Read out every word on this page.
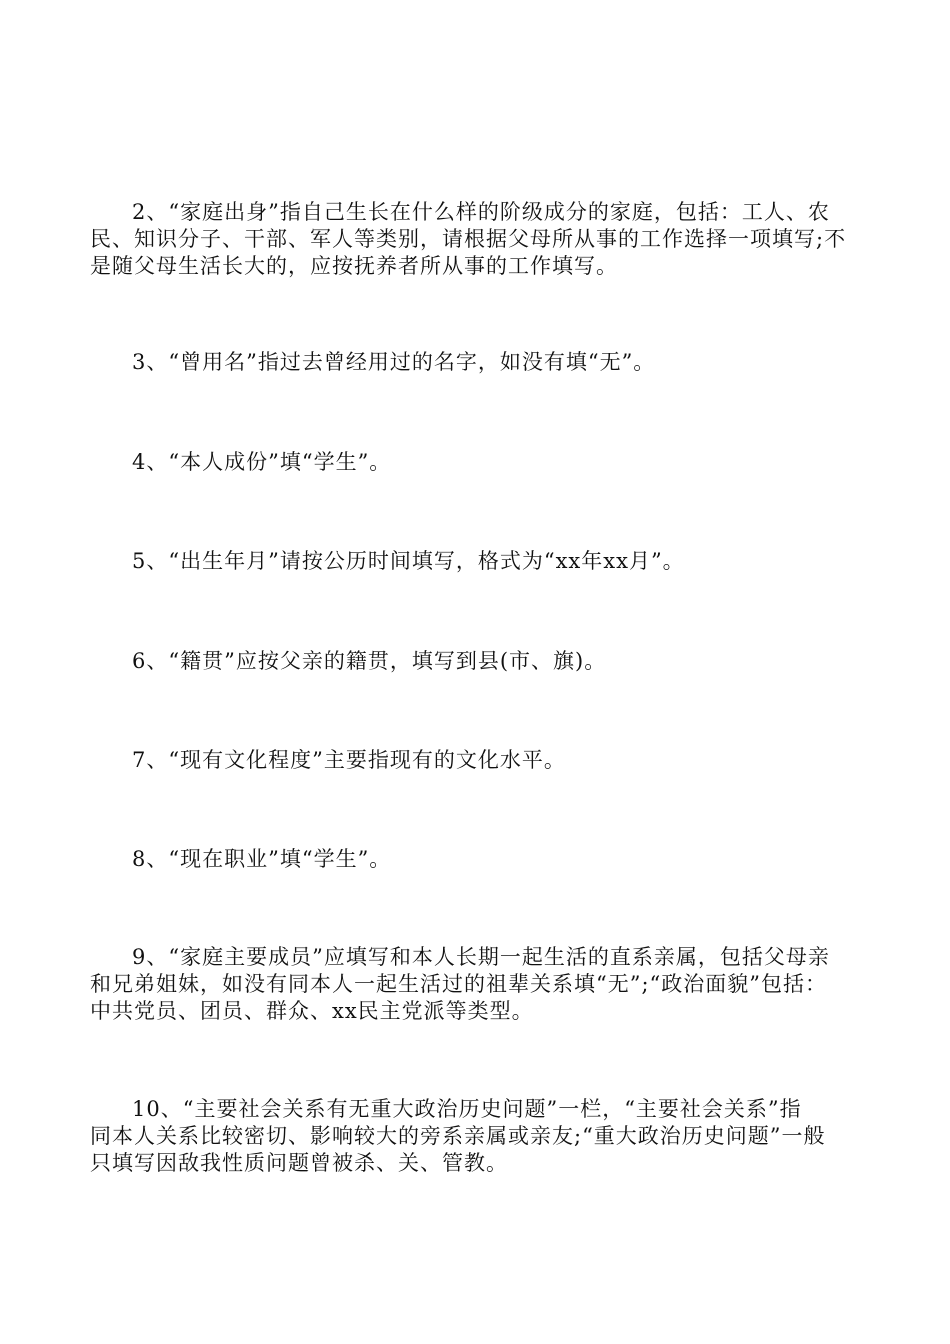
2、“家庭出身”指自己生长在什么样的阶级成分的家庭，包括：工人、农
民、知识分子、干部、军人等类别，请根据父母所从事的工作选择一项填写;不
是随父母生活长大的，应按抚养者所从事的工作填写。

3、“曾用名”指过去曾经用过的名字，如没有填“无”。

4、“本人成份”填“学生”。

5、“出生年月”请按公历时间填写，格式为“xx年xx月”。

6、“籍贯”应按父亲的籍贯，填写到县(市、旗)。

7、“现有文化程度”主要指现有的文化水平。

8、“现在职业”填“学生”。

9、“家庭主要成员”应填写和本人长期一起生活的直系亲属，包括父母亲
和兄弟姐妹，如没有同本人一起生活过的祖辈关系填“无”;“政治面貌”包括：
中共党员、团员、群众、xx民主党派等类型。

10、“主要社会关系有无重大政治历史问题”一栏，“主要社会关系”指
同本人关系比较密切、影响较大的旁系亲属或亲友;“重大政治历史问题”一般
只填写因敌我性质问题曾被杀、关、管教。
